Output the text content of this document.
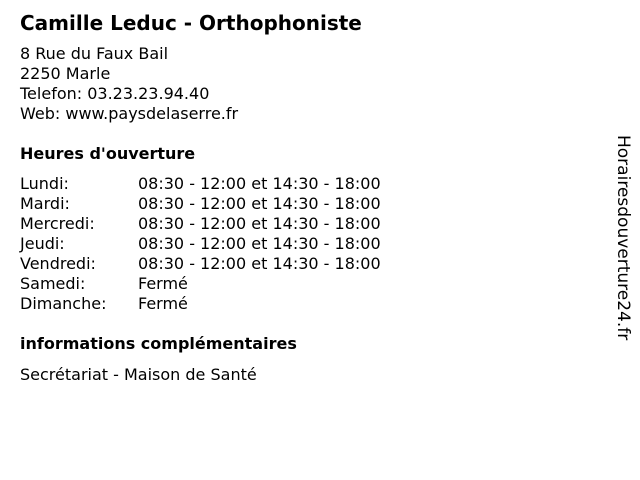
Camille Leduc - Orthophoniste
8 Rue du Faux Bail
2250 Marle
Telefon: 03.23.23.94.40
Web: www.paysdelaserre.fr
Heures d'ouverture
Lundi:	08:30 - 12:00 et 14:30 - 18:00
Mardi:	08:30 - 12:00 et 14:30 - 18:00
Mercredi:	08:30 - 12:00 et 14:30 - 18:00
Jeudi:	08:30 - 12:00 et 14:30 - 18:00
Vendredi:	08:30 - 12:00 et 14:30 - 18:00
Samedi:	Fermé
Dimanche:	Fermé
informations complémentaires
Secrétariat - Maison de Santé
Horairesdouverture24.fr
